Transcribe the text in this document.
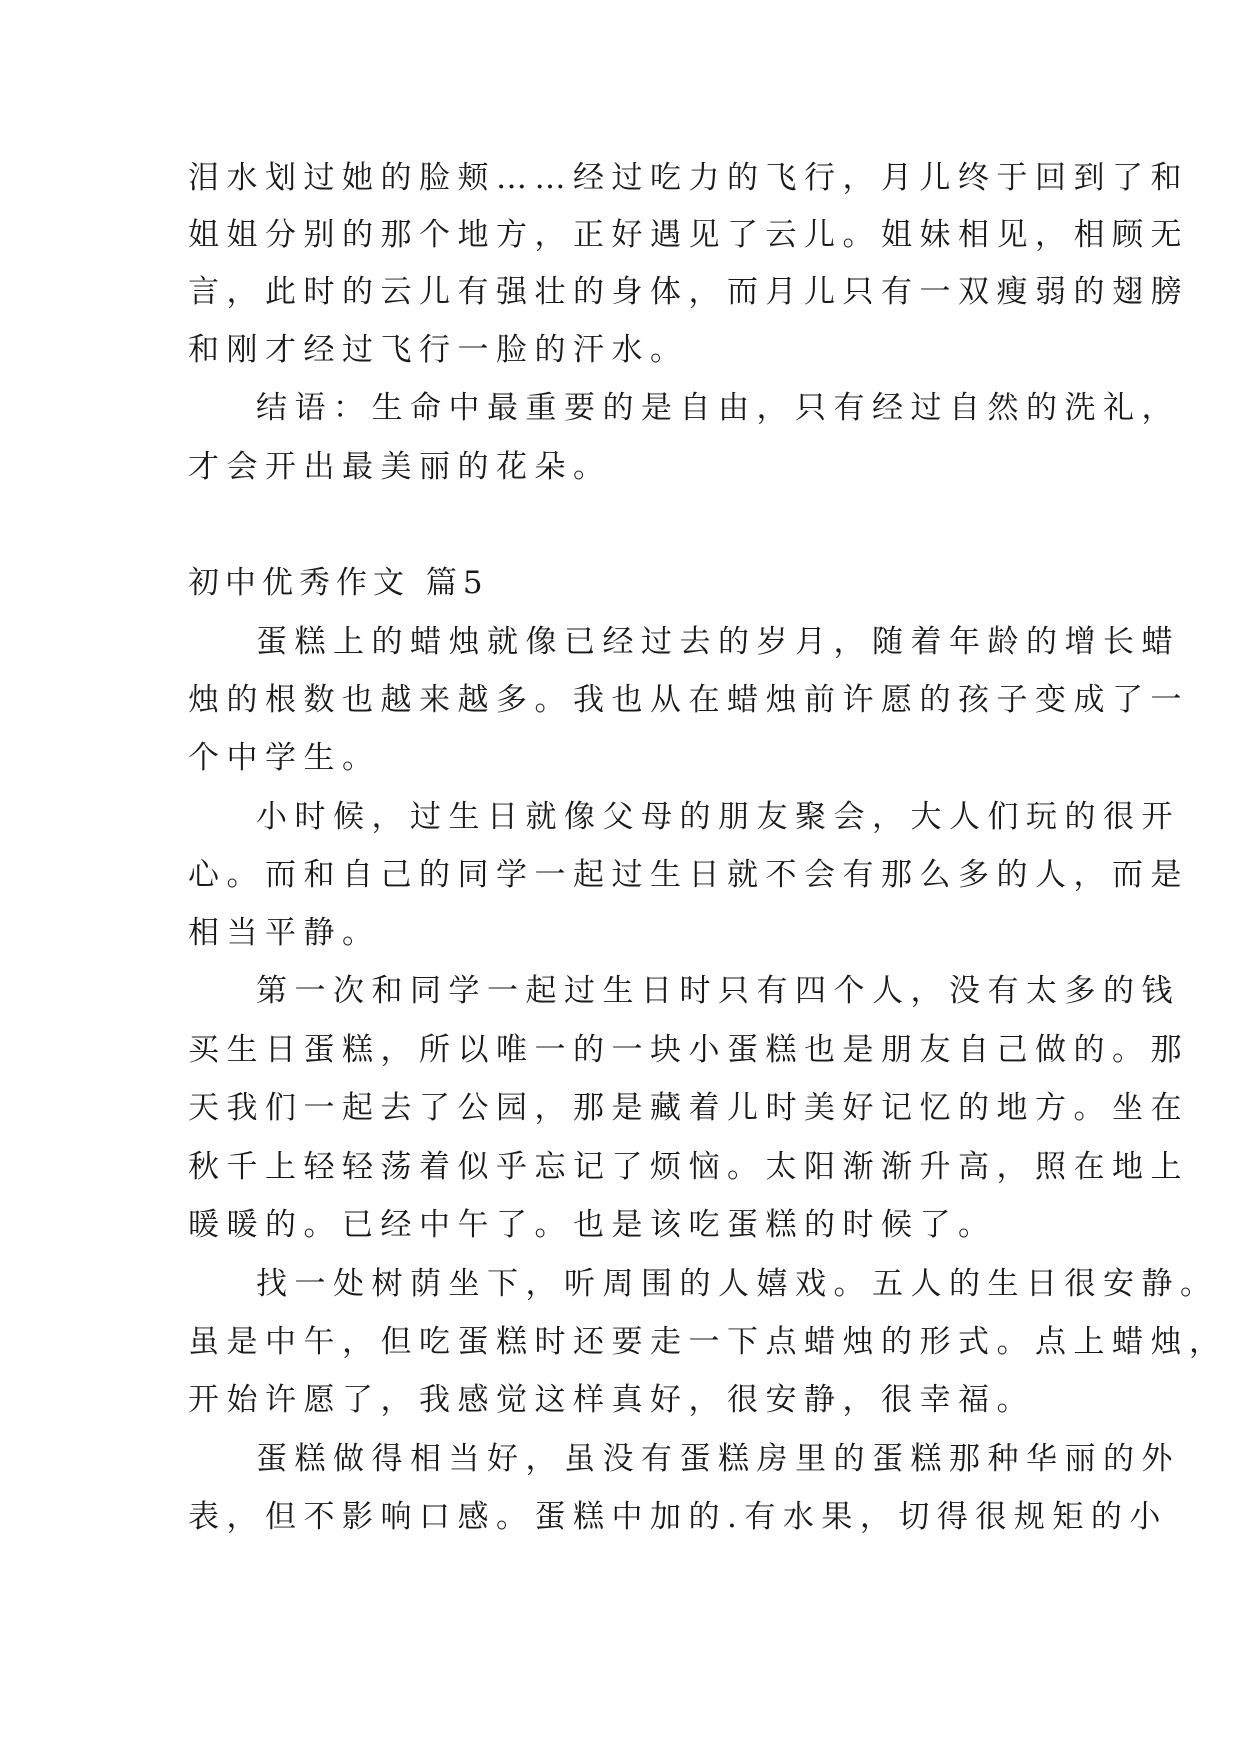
泪水划过她的脸颊……经过吃力的飞行，月儿终于回到了和
姐姐分别的那个地方，正好遇见了云儿。姐妹相见，相顾无
言，此时的云儿有强壮的身体，而月儿只有一双瘦弱的翅膀
和刚才经过飞行一脸的汗水。
结语：生命中最重要的是自由，只有经过自然的洗礼，
才会开出最美丽的花朵。
初中优秀作文 篇5
蛋糕上的蜡烛就像已经过去的岁月，随着年龄的增长蜡
烛的根数也越来越多。我也从在蜡烛前许愿的孩子变成了一
个中学生。
小时候，过生日就像父母的朋友聚会，大人们玩的很开
心。而和自己的同学一起过生日就不会有那么多的人，而是
相当平静。
第一次和同学一起过生日时只有四个人，没有太多的钱
买生日蛋糕，所以唯一的一块小蛋糕也是朋友自己做的。那
天我们一起去了公园，那是藏着儿时美好记忆的地方。坐在
秋千上轻轻荡着似乎忘记了烦恼。太阳渐渐升高，照在地上
暖暖的。已经中午了。也是该吃蛋糕的时候了。
找一处树荫坐下，听周围的人嬉戏。五人的生日很安静。
虽是中午，但吃蛋糕时还要走一下点蜡烛的形式。点上蜡烛，
开始许愿了，我感觉这样真好，很安静，很幸福。
蛋糕做得相当好，虽没有蛋糕房里的蛋糕那种华丽的外
表，但不影响口感。蛋糕中加的.有水果，切得很规矩的小
